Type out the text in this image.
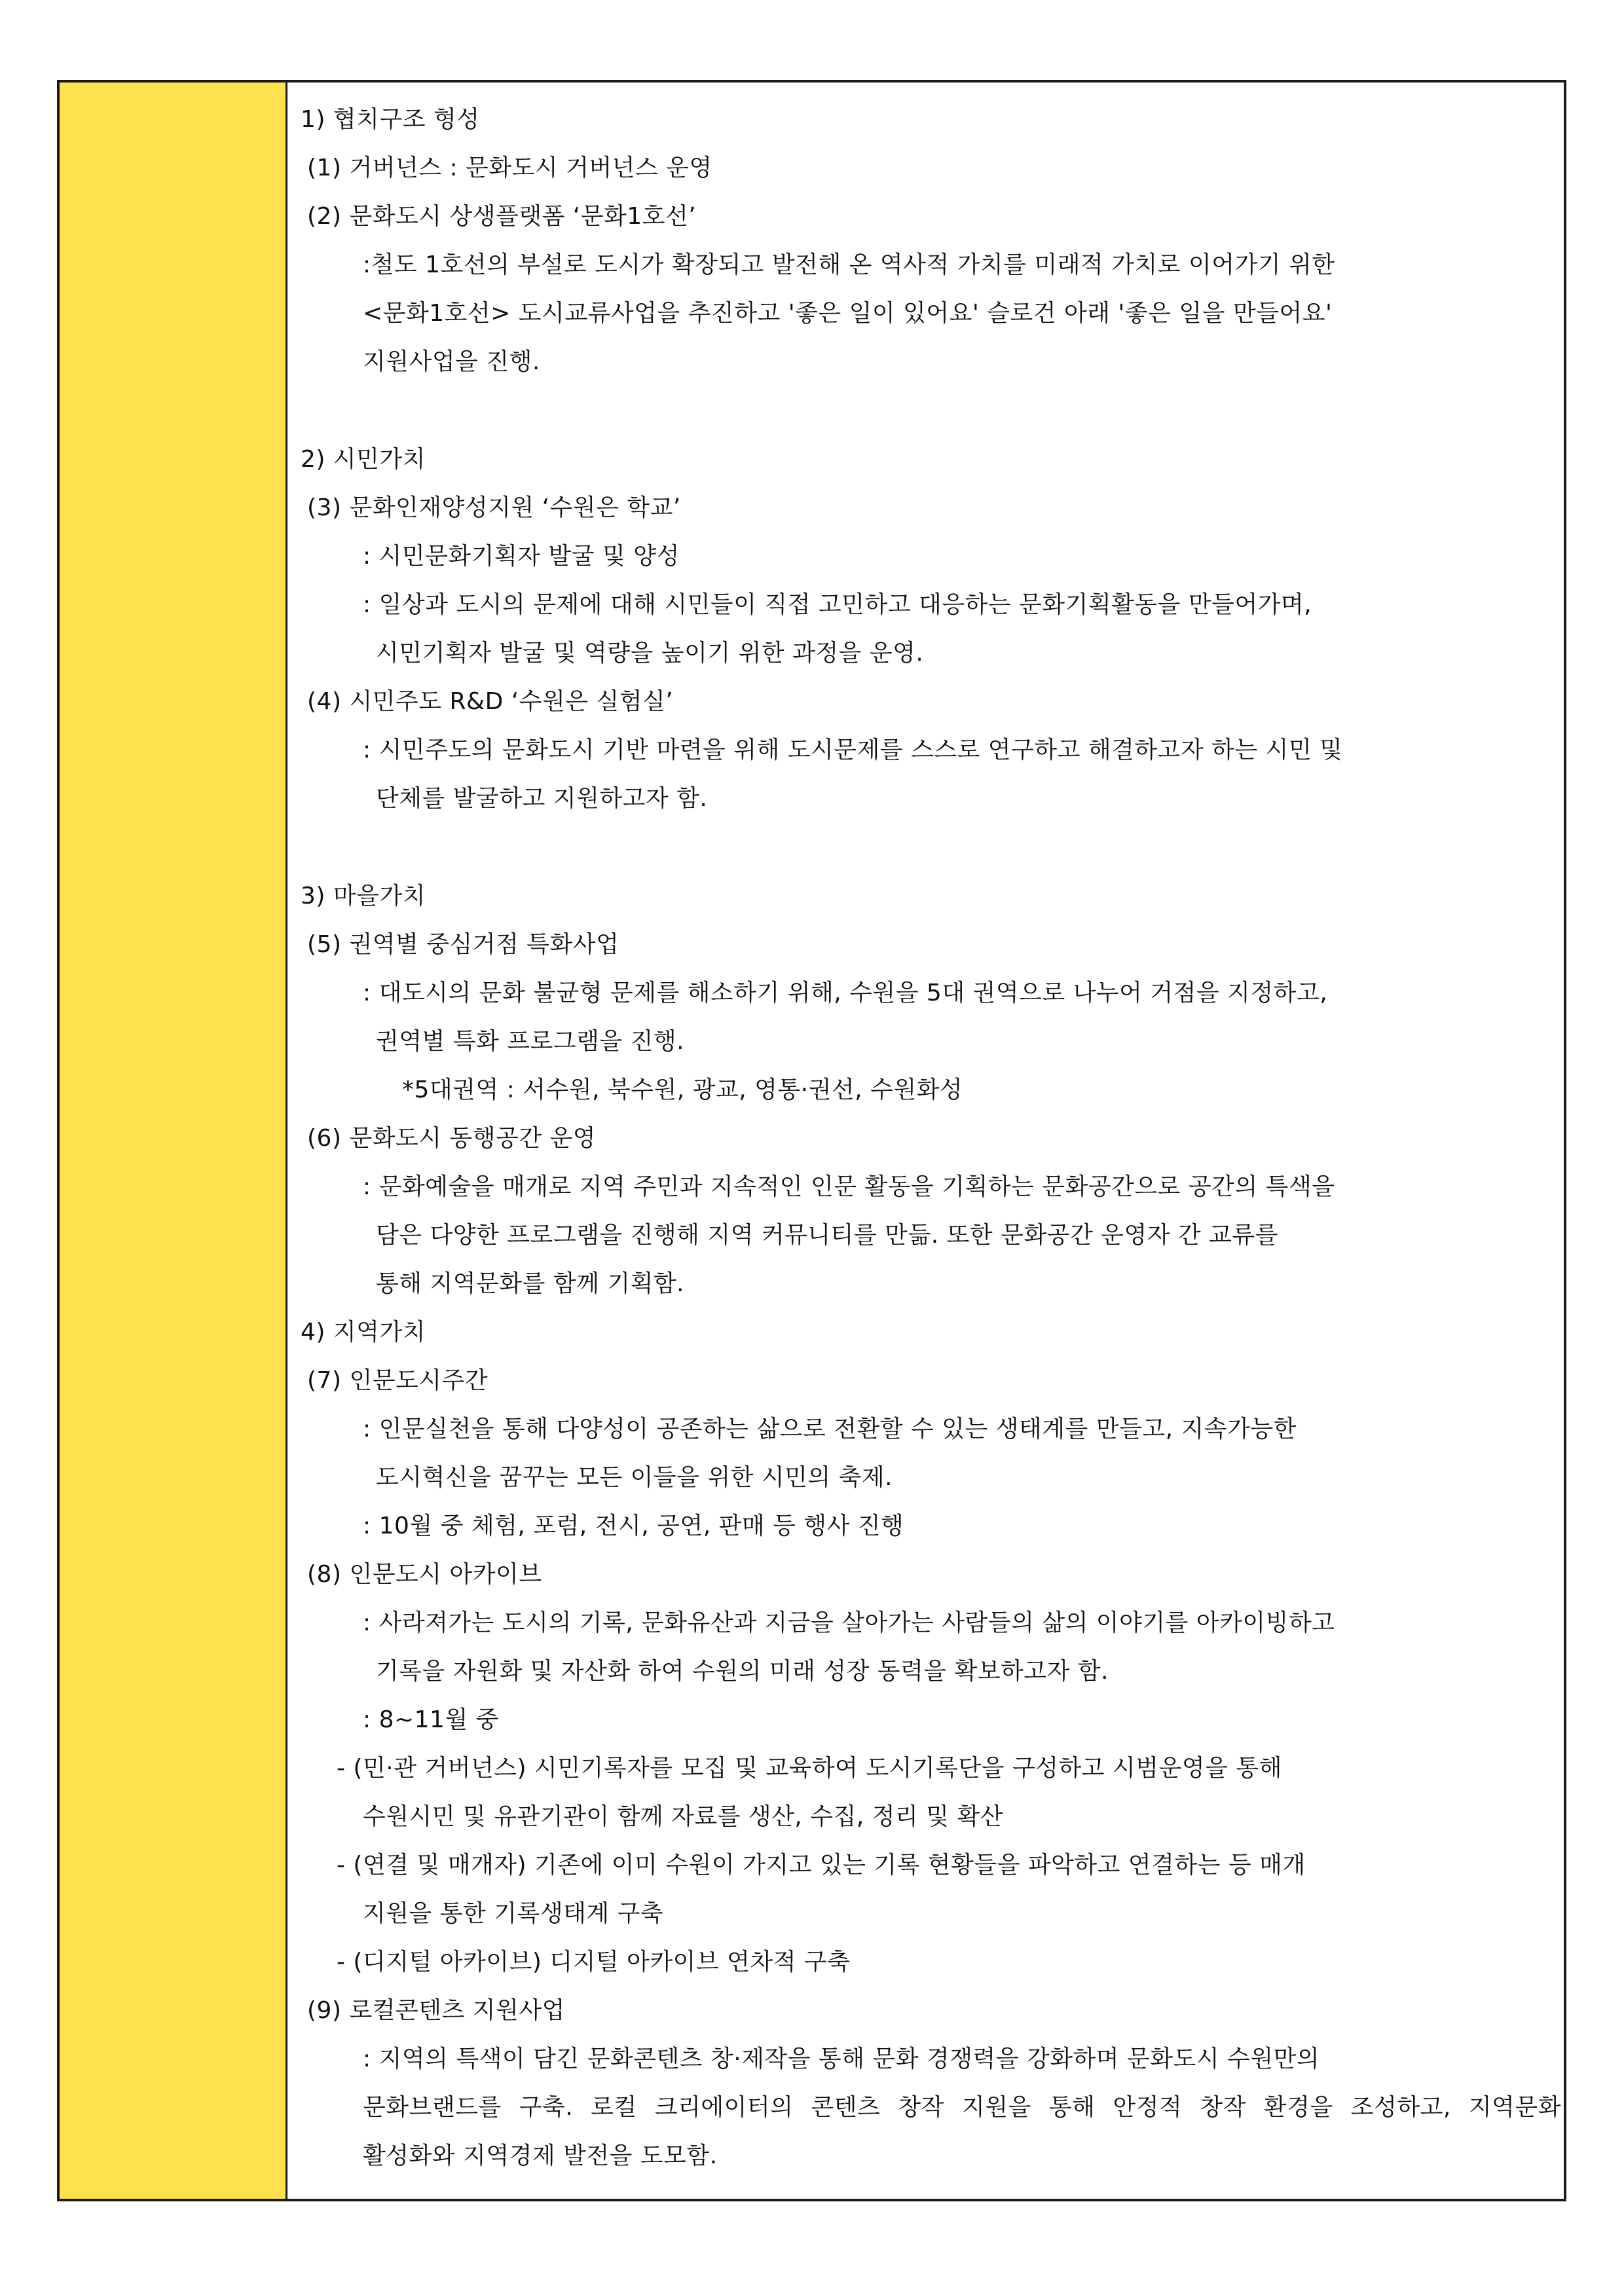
1) 협치구조 형성
(1) 거버넌스 : 문화도시 거버넌스 운영
(2) 문화도시 상생플랫폼 ‘문화1호선’
:철도 1호선의 부설로 도시가 확장되고 발전해 온 역사적 가치를 미래적 가치로 이어가기 위한
<문화1호선> 도시교류사업을 추진하고 '좋은 일이 있어요' 슬로건 아래 '좋은 일을 만들어요'
지원사업을 진행.
2) 시민가치
(3) 문화인재양성지원 ‘수원은 학교’
: 시민문화기획자 발굴 및 양성
: 일상과 도시의 문제에 대해 시민들이 직접 고민하고 대응하는 문화기획활동을 만들어가며,
시민기획자 발굴 및 역량을 높이기 위한 과정을 운영.
(4) 시민주도 R&D ‘수원은 실험실’
: 시민주도의 문화도시 기반 마련을 위해 도시문제를 스스로 연구하고 해결하고자 하는 시민 및
단체를 발굴하고 지원하고자 함.
3) 마을가치
(5) 권역별 중심거점 특화사업
: 대도시의 문화 불균형 문제를 해소하기 위해, 수원을 5대 권역으로 나누어 거점을 지정하고,
권역별 특화 프로그램을 진행.
*5대권역 : 서수원, 북수원, 광교, 영통·권선, 수원화성
(6) 문화도시 동행공간 운영
: 문화예술을 매개로 지역 주민과 지속적인 인문 활동을 기획하는 문화공간으로 공간의 특색을
담은 다양한 프로그램을 진행해 지역 커뮤니티를 만듦. 또한 문화공간 운영자 간 교류를
통해 지역문화를 함께 기획함.
4) 지역가치
(7) 인문도시주간
: 인문실천을 통해 다양성이 공존하는 삶으로 전환할 수 있는 생태계를 만들고, 지속가능한
도시혁신을 꿈꾸는 모든 이들을 위한 시민의 축제.
: 10월 중 체험, 포럼, 전시, 공연, 판매 등 행사 진행
(8) 인문도시 아카이브
: 사라져가는 도시의 기록, 문화유산과 지금을 살아가는 사람들의 삶의 이야기를 아카이빙하고
기록을 자원화 및 자산화 하여 수원의 미래 성장 동력을 확보하고자 함.
: 8~11월 중
- (민·관 거버넌스) 시민기록자를 모집 및 교육하여 도시기록단을 구성하고 시범운영을 통해
수원시민 및 유관기관이 함께 자료를 생산, 수집, 정리 및 확산
- (연결 및 매개자) 기존에 이미 수원이 가지고 있는 기록 현황들을 파악하고 연결하는 등 매개
지원을 통한 기록생태계 구축
- (디지털 아카이브) 디지털 아카이브 연차적 구축
(9) 로컬콘텐츠 지원사업
: 지역의 특색이 담긴 문화콘텐츠 창·제작을 통해 문화 경쟁력을 강화하며 문화도시 수원만의
문화브랜드를 구축. 로컬 크리에이터의 콘텐츠 창작 지원을 통해 안정적 창작 환경을 조성하고, 지역문화
활성화와 지역경제 발전을 도모함.
